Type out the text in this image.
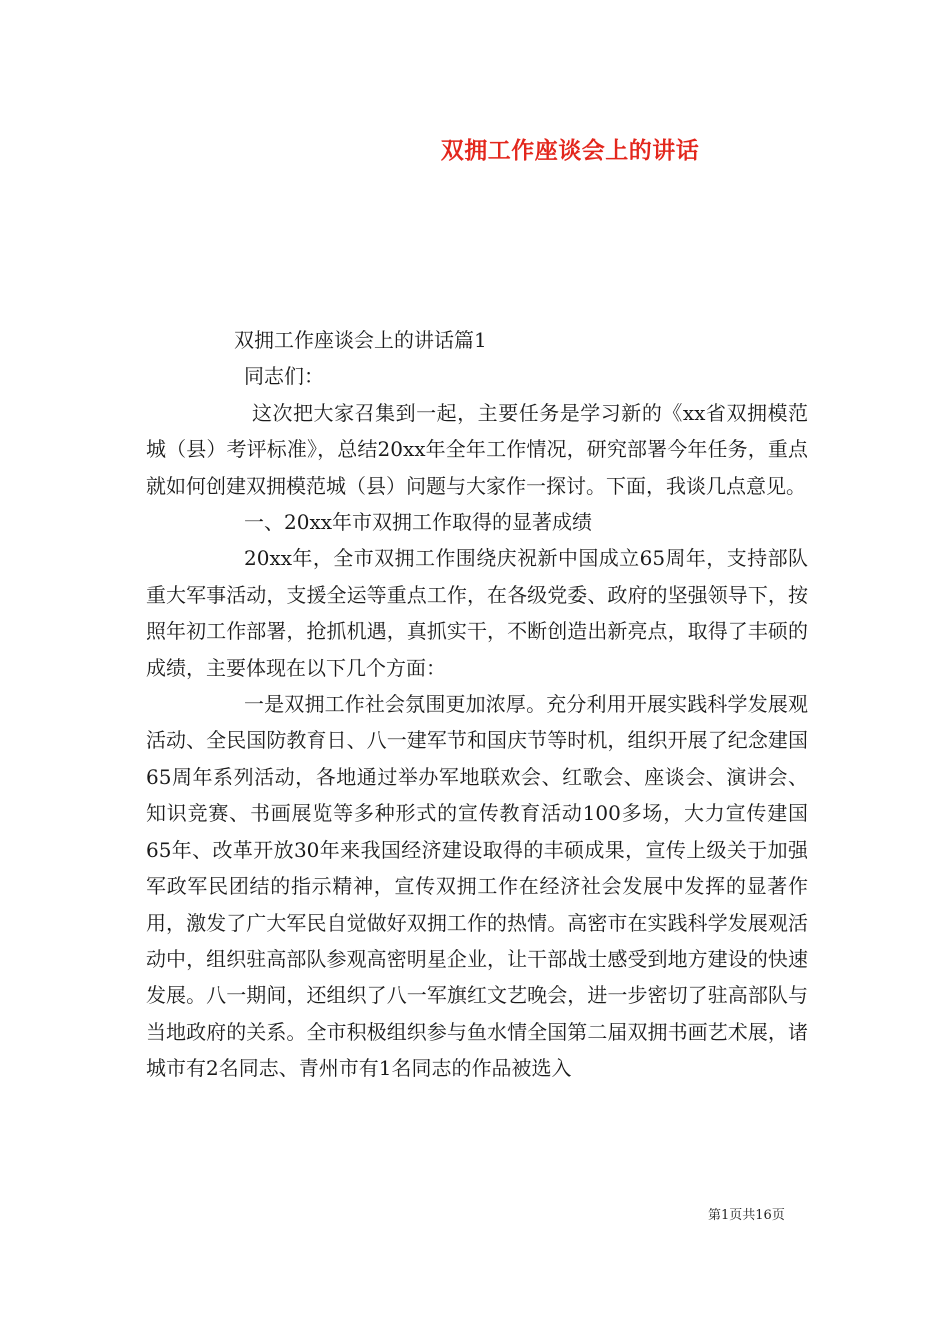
双拥工作座谈会上的讲话

双拥工作座谈会上的讲话篇1

同志们：

这次把大家召集到一起，主要任务是学习新的《xx省双拥模范城（县）考评标准》，总结20xx年全年工作情况，研究部署今年任务，重点就如何创建双拥模范城（县）问题与大家作一探讨。下面，我谈几点意见。

一、20xx年市双拥工作取得的显著成绩

20xx年，全市双拥工作围绕庆祝新中国成立65周年，支持部队重大军事活动，支援全运等重点工作，在各级党委、政府的坚强领导下，按照年初工作部署，抢抓机遇，真抓实干，不断创造出新亮点，取得了丰硕的成绩，主要体现在以下几个方面：

一是双拥工作社会氛围更加浓厚。充分利用开展实践科学发展观活动、全民国防教育日、八一建军节和国庆节等时机，组织开展了纪念建国65周年系列活动，各地通过举办军地联欢会、红歌会、座谈会、演讲会、知识竞赛、书画展览等多种形式的宣传教育活动100多场，大力宣传建国65年、改革开放30年来我国经济建设取得的丰硕成果，宣传上级关于加强军政军民团结的指示精神，宣传双拥工作在经济社会发展中发挥的显著作用，激发了广大军民自觉做好双拥工作的热情。高密市在实践科学发展观活动中，组织驻高部队参观高密明星企业，让干部战士感受到地方建设的快速发展。八一期间，还组织了八一军旗红文艺晚会，进一步密切了驻高部队与当地政府的关系。全市积极组织参与鱼水情全国第二届双拥书画艺术展，诸城市有2名同志、青州市有1名同志的作品被选入

第1页共16页
